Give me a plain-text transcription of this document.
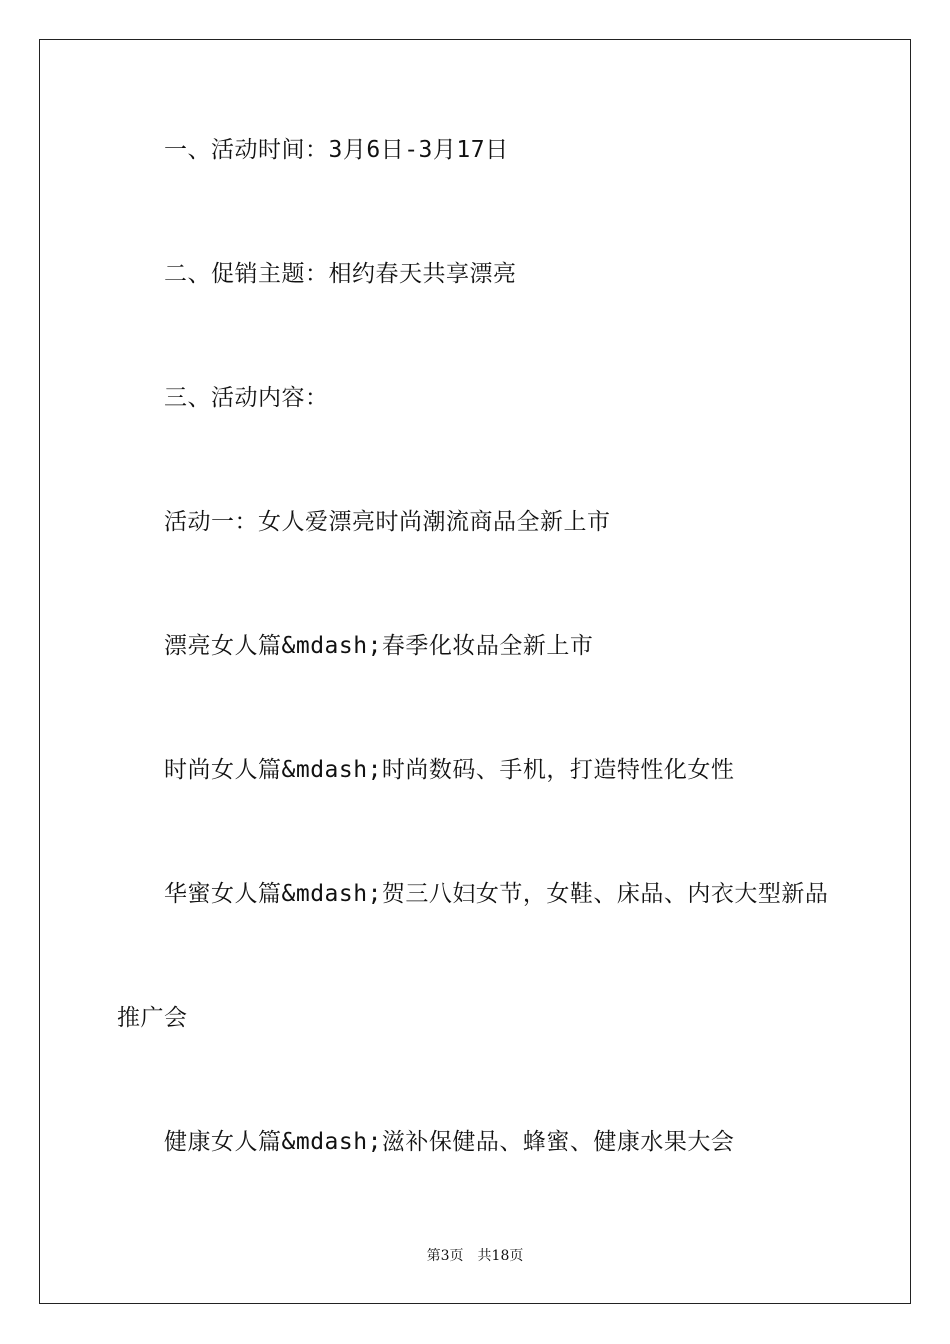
一、活动时间：3月6日-3月17日

二、促销主题：相约春天共享漂亮

三、活动内容：

活动一：女人爱漂亮时尚潮流商品全新上市

漂亮女人篇&mdash;春季化妆品全新上市

时尚女人篇&mdash;时尚数码、手机，打造特性化女性

华蜜女人篇&mdash;贺三八妇女节，女鞋、床品、内衣大型新品

推广会

健康女人篇&mdash;滋补保健品、蜂蜜、健康水果大会

第3页 共18页
